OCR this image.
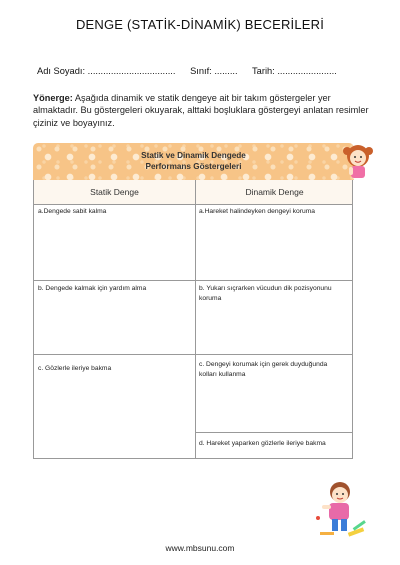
DENGE (STATİK-DİNAMİK) BECERİLERİ
Adı Soyadı: .................................. Sınıf: ......... Tarih: .......................
Yönerge: Aşağıda dinamik ve statik dengeye ait bir takım göstergeler yer almaktadır. Bu göstergeleri okuyarak, alttaki boşluklara göstergeyi anlatan resimler çiziniz ve boyayınız.
Statik ve Dinamik Dengede
Performans Göstergeleri
Statik Denge	Dinamik Denge
a.Dengede sabit kalma
b. Dengede kalmak için yardım alma
c. Gözlerle ileriye bakma
a.Hareket halindeyken dengeyi koruma
b. Yukarı sıçrarken vücudun dik pozisyonunu koruma
c. Dengeyi korumak için gerek duyduğunda kolları kullanma
d. Hareket yaparken gözlerle ileriye bakma
www.mbsunu.com
